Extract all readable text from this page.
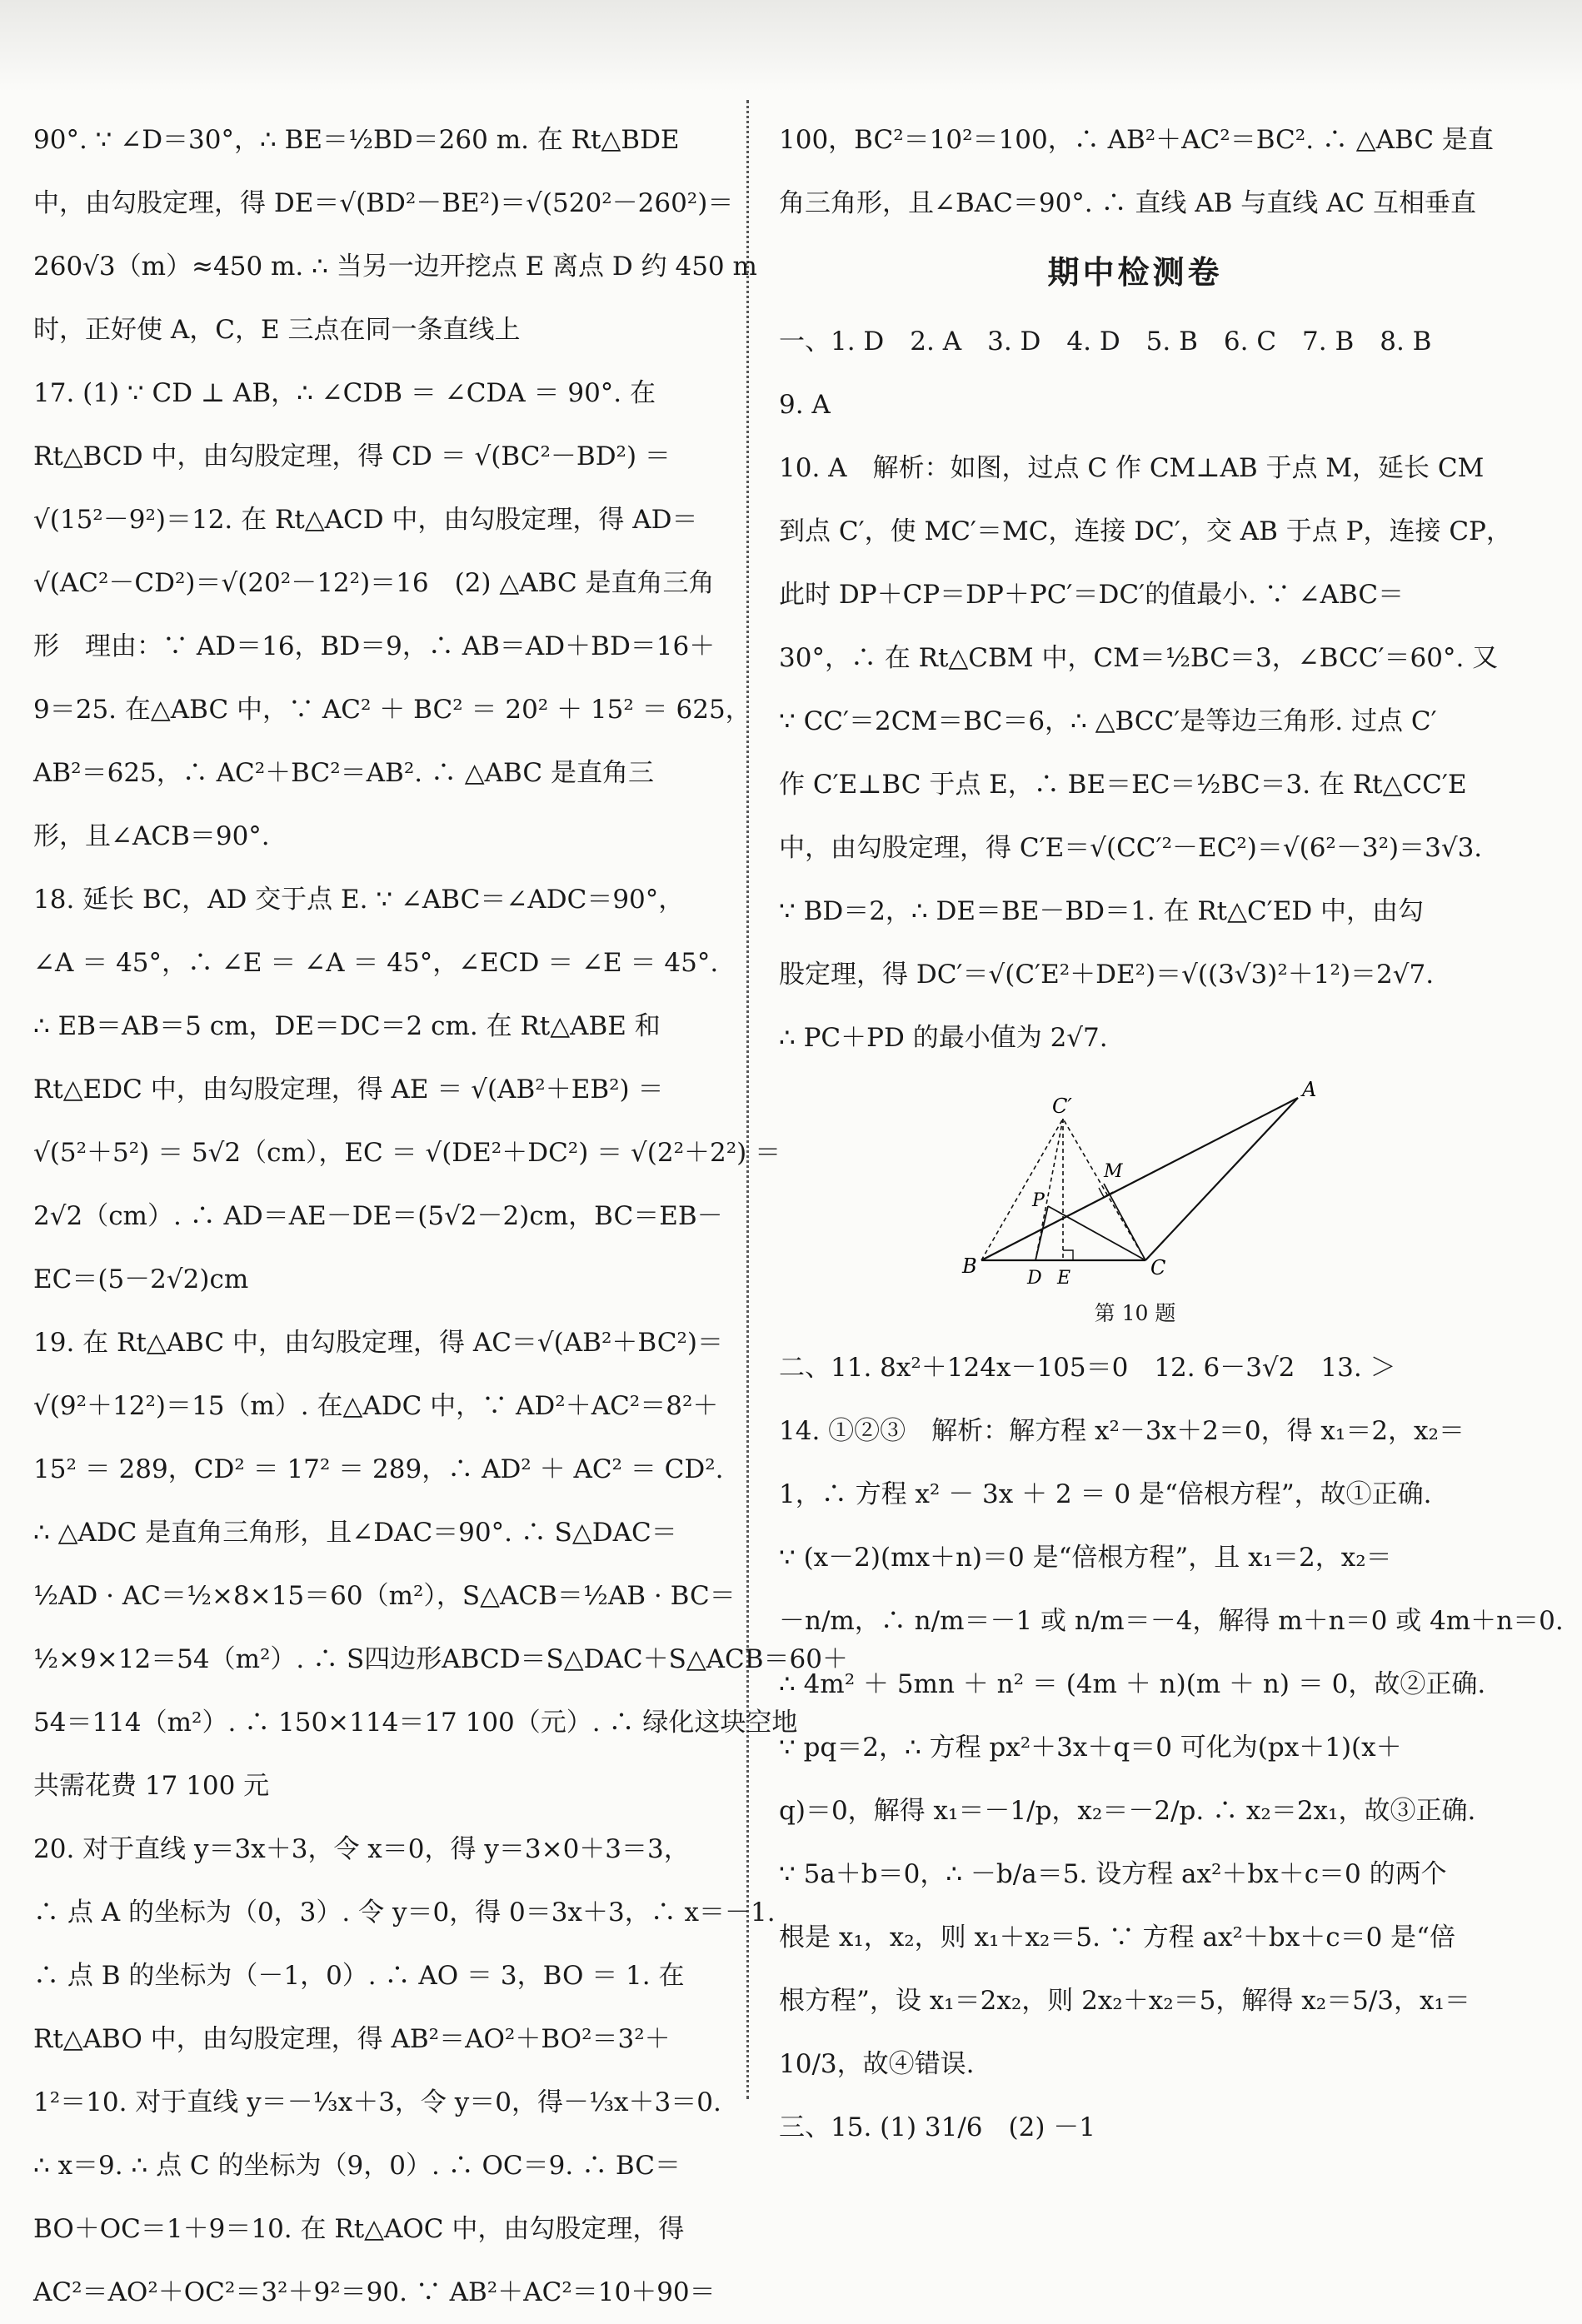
90°. ∵ ∠D＝30°，∴ BE＝½BD＝260 m. 在 Rt△BDE
中，由勾股定理，得 DE＝√(BD²－BE²)＝√(520²－260²)＝
260√3（m）≈450 m. ∴ 当另一边开挖点 E 离点 D 约 450 m
时，正好使 A，C，E 三点在同一条直线上
17. (1) ∵ CD ⊥ AB，∴ ∠CDB ＝ ∠CDA ＝ 90°. 在
Rt△BCD 中，由勾股定理，得 CD ＝ √(BC²－BD²) ＝
√(15²－9²)＝12. 在 Rt△ACD 中，由勾股定理，得 AD＝
√(AC²－CD²)＝√(20²－12²)＝16　(2) △ABC 是直角三角
形　理由：∵ AD＝16，BD＝9，∴ AB＝AD＋BD＝16＋
9＝25. 在△ABC 中，∵ AC² ＋ BC² ＝ 20² ＋ 15² ＝ 625，
AB²＝625，∴ AC²＋BC²＝AB². ∴ △ABC 是直角三
形，且∠ACB＝90°.
18. 延长 BC，AD 交于点 E. ∵ ∠ABC＝∠ADC＝90°，
∠A ＝ 45°，∴ ∠E ＝ ∠A ＝ 45°，∠ECD ＝ ∠E ＝ 45°.
∴ EB＝AB＝5 cm，DE＝DC＝2 cm. 在 Rt△ABE 和
Rt△EDC 中，由勾股定理，得 AE ＝ √(AB²＋EB²) ＝
√(5²＋5²) ＝ 5√2（cm），EC ＝ √(DE²＋DC²) ＝ √(2²＋2²) ＝
2√2（cm）. ∴ AD＝AE－DE＝(5√2－2)cm，BC＝EB－
EC＝(5－2√2)cm
19. 在 Rt△ABC 中，由勾股定理，得 AC＝√(AB²＋BC²)＝
√(9²＋12²)＝15（m）. 在△ADC 中，∵ AD²＋AC²＝8²＋
15² ＝ 289，CD² ＝ 17² ＝ 289，∴ AD² ＋ AC² ＝ CD².
∴ △ADC 是直角三角形，且∠DAC＝90°. ∴ S△DAC＝
½AD · AC＝½×8×15＝60（m²），S△ACB＝½AB · BC＝
½×9×12＝54（m²）. ∴ S四边形ABCD＝S△DAC＋S△ACB＝60＋
54＝114（m²）. ∴ 150×114＝17 100（元）. ∴ 绿化这块空地
共需花费 17 100 元
20. 对于直线 y＝3x＋3，令 x＝0，得 y＝3×0＋3＝3，
∴ 点 A 的坐标为（0，3）. 令 y＝0，得 0＝3x＋3，∴ x＝－1.
∴ 点 B 的坐标为（－1，0）. ∴ AO ＝ 3，BO ＝ 1. 在
Rt△ABO 中，由勾股定理，得 AB²＝AO²＋BO²＝3²＋
1²＝10. 对于直线 y＝－⅓x＋3，令 y＝0，得－⅓x＋3＝0.
∴ x＝9. ∴ 点 C 的坐标为（9，0）. ∴ OC＝9. ∴ BC＝
BO＋OC＝1＋9＝10. 在 Rt△AOC 中，由勾股定理，得
AC²＝AO²＋OC²＝3²＋9²＝90. ∵ AB²＋AC²＝10＋90＝
100，BC²＝10²＝100，∴ AB²＋AC²＝BC². ∴ △ABC 是直
角三角形，且∠BAC＝90°. ∴ 直线 AB 与直线 AC 互相垂直
期中检测卷
一、1. D　2. A　3. D　4. D　5. B　6. C　7. B　8. B
9. A
10. A　解析：如图，过点 C 作 CM⊥AB 于点 M，延长 CM
到点 C′，使 MC′＝MC，连接 DC′，交 AB 于点 P，连接 CP，
此时 DP＋CP＝DP＋PC′＝DC′的值最小. ∵ ∠ABC＝
30°，∴ 在 Rt△CBM 中，CM＝½BC＝3，∠BCC′＝60°. 又
∵ CC′＝2CM＝BC＝6，∴ △BCC′是等边三角形. 过点 C′
作 C′E⊥BC 于点 E，∴ BE＝EC＝½BC＝3. 在 Rt△CC′E
中，由勾股定理，得 C′E＝√(CC′²－EC²)＝√(6²－3²)＝3√3.
∵ BD＝2，∴ DE＝BE－BD＝1. 在 Rt△C′ED 中，由勾
股定理，得 DC′＝√(C′E²＋DE²)＝√((3√3)²＋1²)＝2√7.
∴ PC＋PD 的最小值为 2√7.
A
B	C
C′
M
P
D E
第 10 题
二、11. 8x²＋124x－105＝0　12. 6－3√2　13. ＞
14. ①②③　解析：解方程 x²－3x＋2＝0，得 x₁＝2，x₂＝
1，∴ 方程 x² － 3x ＋ 2 ＝ 0 是“倍根方程”，故①正确.
∵ (x－2)(mx＋n)＝0 是“倍根方程”，且 x₁＝2，x₂＝
－n/m，∴ n/m＝－1 或 n/m＝－4，解得 m＋n＝0 或 4m＋n＝0.
∴ 4m² ＋ 5mn ＋ n² ＝ (4m ＋ n)(m ＋ n) ＝ 0，故②正确.
∵ pq＝2，∴ 方程 px²＋3x＋q＝0 可化为(px＋1)(x＋
q)＝0，解得 x₁＝－1/p，x₂＝－2/p. ∴ x₂＝2x₁，故③正确.
∵ 5a＋b＝0，∴ －b/a＝5. 设方程 ax²＋bx＋c＝0 的两个
根是 x₁，x₂，则 x₁＋x₂＝5. ∵ 方程 ax²＋bx＋c＝0 是“倍
根方程”，设 x₁＝2x₂，则 2x₂＋x₂＝5，解得 x₂＝5/3，x₁＝
10/3，故④错误.
三、15. (1) 31/6　(2) －1
